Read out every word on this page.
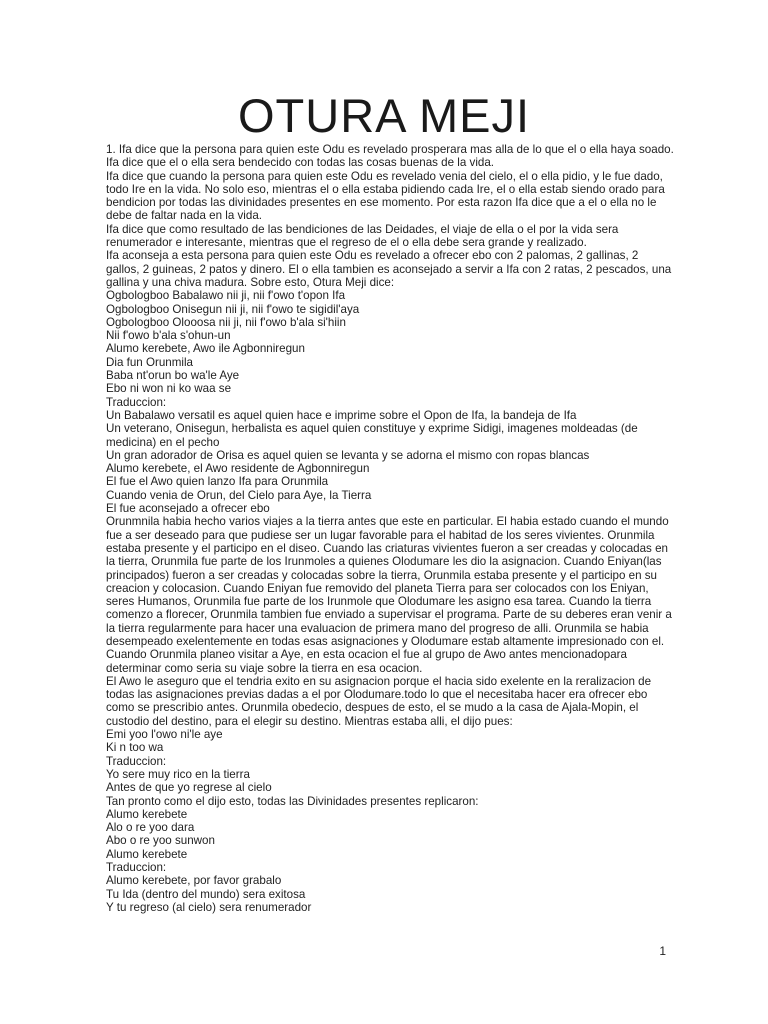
OTURA MEJI
1. Ifa dice que la persona para quien este Odu es revelado prosperara mas alla de lo que el o ella haya soado.
Ifa dice que el o ella sera bendecido con todas las cosas buenas de la vida.
Ifa dice que cuando la persona para quien este Odu es revelado venia del cielo, el o ella pidio, y le fue dado,
todo Ire en la vida. No solo eso, mientras el o ella estaba pidiendo cada Ire, el o ella estab siendo orado para
bendicion por todas las divinidades presentes en ese momento. Por esta razon Ifa dice que a el o ella no le
debe de faltar nada en la vida.
Ifa dice que como resultado de las bendiciones de las Deidades, el viaje de ella o el por la vida sera
renumerador e interesante, mientras que el regreso de el o ella debe sera grande y realizado.
Ifa aconseja a esta persona para quien este Odu es revelado a ofrecer ebo con 2 palomas, 2 gallinas, 2
gallos, 2 guineas, 2 patos y dinero. El o ella tambien es aconsejado a servir a Ifa con 2 ratas, 2 pescados, una
gallina y una chiva madura. Sobre esto, Otura Meji dice:
Ogbologboo Babalawo nii ji, nii f'owo t'opon Ifa
Ogbologboo Onisegun nii ji, nii f'owo te sigidil'aya
Ogbologboo Olooosa nii ji, nii f'owo b'ala si'hiin
Nii f'owo b'ala s'ohun-un
Alumo kerebete, Awo ile Agbonniregun
Dia fun Orunmila
Baba nt'orun bo wa'le Aye
Ebo ni won ni ko waa se
Traduccion:
Un Babalawo versatil es aquel quien hace e imprime sobre el Opon de Ifa, la bandeja de Ifa
Un veterano, Onisegun, herbalista es aquel quien constituye y exprime Sidigi, imagenes moldeadas (de
medicina) en el pecho
Un gran adorador de Orisa es aquel quien se levanta y se adorna el mismo con ropas blancas
Alumo kerebete, el Awo residente de Agbonniregun
El fue el Awo quien lanzo Ifa para Orunmila
Cuando venia de Orun, del Cielo para Aye, la Tierra
El fue aconsejado a ofrecer ebo
Orunmnila habia hecho varios viajes a la tierra antes que este en particular. El habia estado cuando el mundo
fue a ser deseado para que pudiese ser un lugar favorable para el habitad de los seres vivientes. Orunmila
estaba presente y el participo en el diseo. Cuando las criaturas vivientes fueron a ser creadas y colocadas en
la tierra, Orunmila fue parte de los Irunmoles a quienes Olodumare les dio la asignacion. Cuando Eniyan(las
principados) fueron a ser creadas y colocadas sobre la tierra, Orunmila estaba presente y el participo en su
creacion y colocasion. Cuando Eniyan fue removido del planeta Tierra para ser colocados con los Eniyan,
seres Humanos, Orunmila fue parte de los Irunmole que Olodumare les asigno esa tarea. Cuando la tierra
comenzo a florecer, Orunmila tambien fue enviado a supervisar el programa. Parte de su deberes eran venir a
la tierra regularmente para hacer una evaluacion de primera mano del progreso de alli. Orunmila se habia
desempeado exelentemente en todas esas asignaciones y Olodumare estab altamente impresionado con el.
Cuando Orunmila planeo visitar a Aye, en esta ocacion el fue al grupo de Awo antes mencionadopara
determinar como seria su viaje sobre la tierra en esa ocacion.
El Awo le aseguro que el tendria exito en su asignacion porque el hacia sido exelente en la reralizacion de
todas las asignaciones previas dadas a el por Olodumare.todo lo que el necesitaba hacer era ofrecer ebo
como se prescribio antes. Orunmila obedecio, despues de esto, el se mudo a la casa de Ajala-Mopin, el
custodio del destino, para el elegir su destino. Mientras estaba alli, el dijo pues:
Emi yoo l'owo ni'le aye
Ki n too wa
Traduccion:
Yo sere muy rico en la tierra
Antes de que yo regrese al cielo
Tan pronto como el dijo esto, todas las Divinidades presentes replicaron:
Alumo kerebete
Alo o re yoo dara
Abo o re yoo sunwon
Alumo kerebete
Traduccion:
Alumo kerebete, por favor grabalo
Tu Ida (dentro del mundo) sera exitosa
Y tu regreso (al cielo) sera renumerador
1
